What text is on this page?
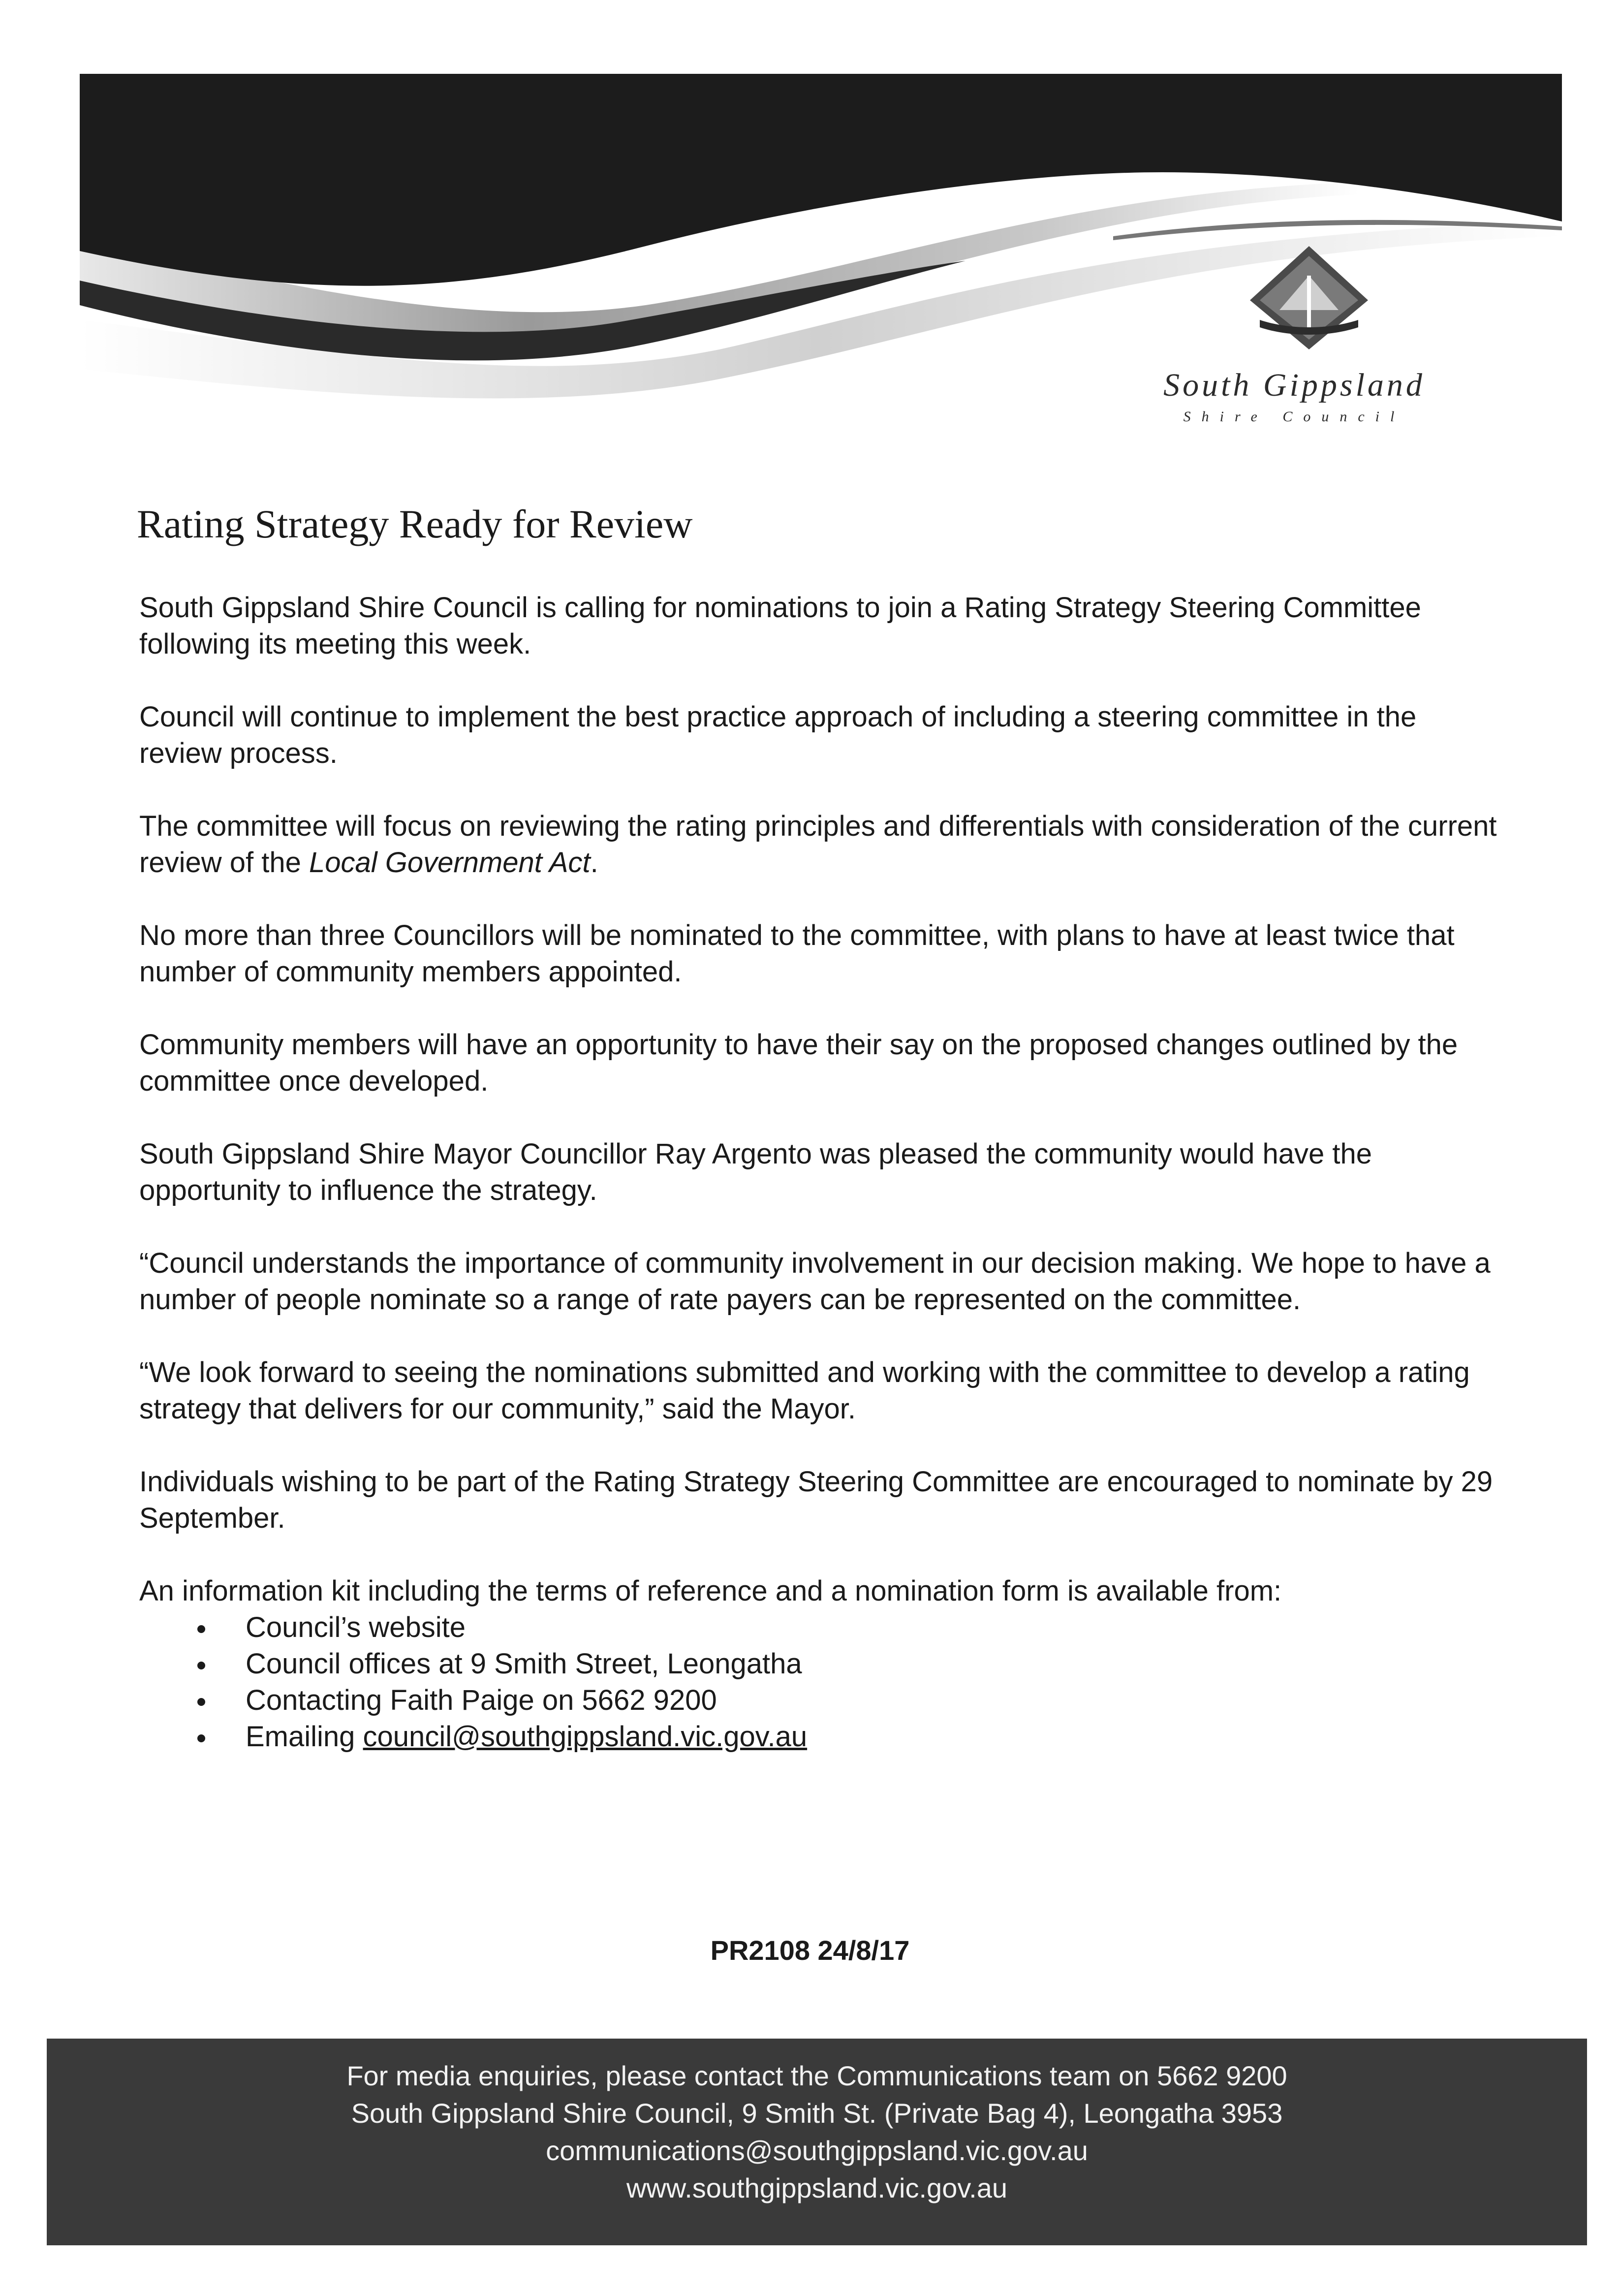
South Gippsland
Shire Council
Rating Strategy Ready for Review

South Gippsland Shire Council is calling for nominations to join a Rating Strategy Steering Committee following its meeting this week.

Council will continue to implement the best practice approach of including a steering committee in the review process.

The committee will focus on reviewing the rating principles and differentials with consideration of the current review of the Local Government Act.

No more than three Councillors will be nominated to the committee, with plans to have at least twice that number of community members appointed.

Community members will have an opportunity to have their say on the proposed changes outlined by the committee once developed.

South Gippsland Shire Mayor Councillor Ray Argento was pleased the community would have the opportunity to influence the strategy.

“Council understands the importance of community involvement in our decision making. We hope to have a number of people nominate so a range of rate payers can be represented on the committee.

“We look forward to seeing the nominations submitted and working with the committee to develop a rating strategy that delivers for our community,” said the Mayor.

Individuals wishing to be part of the Rating Strategy Steering Committee are encouraged to nominate by 29 September.

An information kit including the terms of reference and a nomination form is available from:

Council’s website
Council offices at 9 Smith Street, Leongatha
Contacting Faith Paige on 5662 9200
Emailing council@southgippsland.vic.gov.au
PR2108 24/8/17
For media enquiries, please contact the Communications team on 5662 9200
South Gippsland Shire Council, 9 Smith St. (Private Bag 4), Leongatha 3953
communications@southgippsland.vic.gov.au
www.southgippsland.vic.gov.au
